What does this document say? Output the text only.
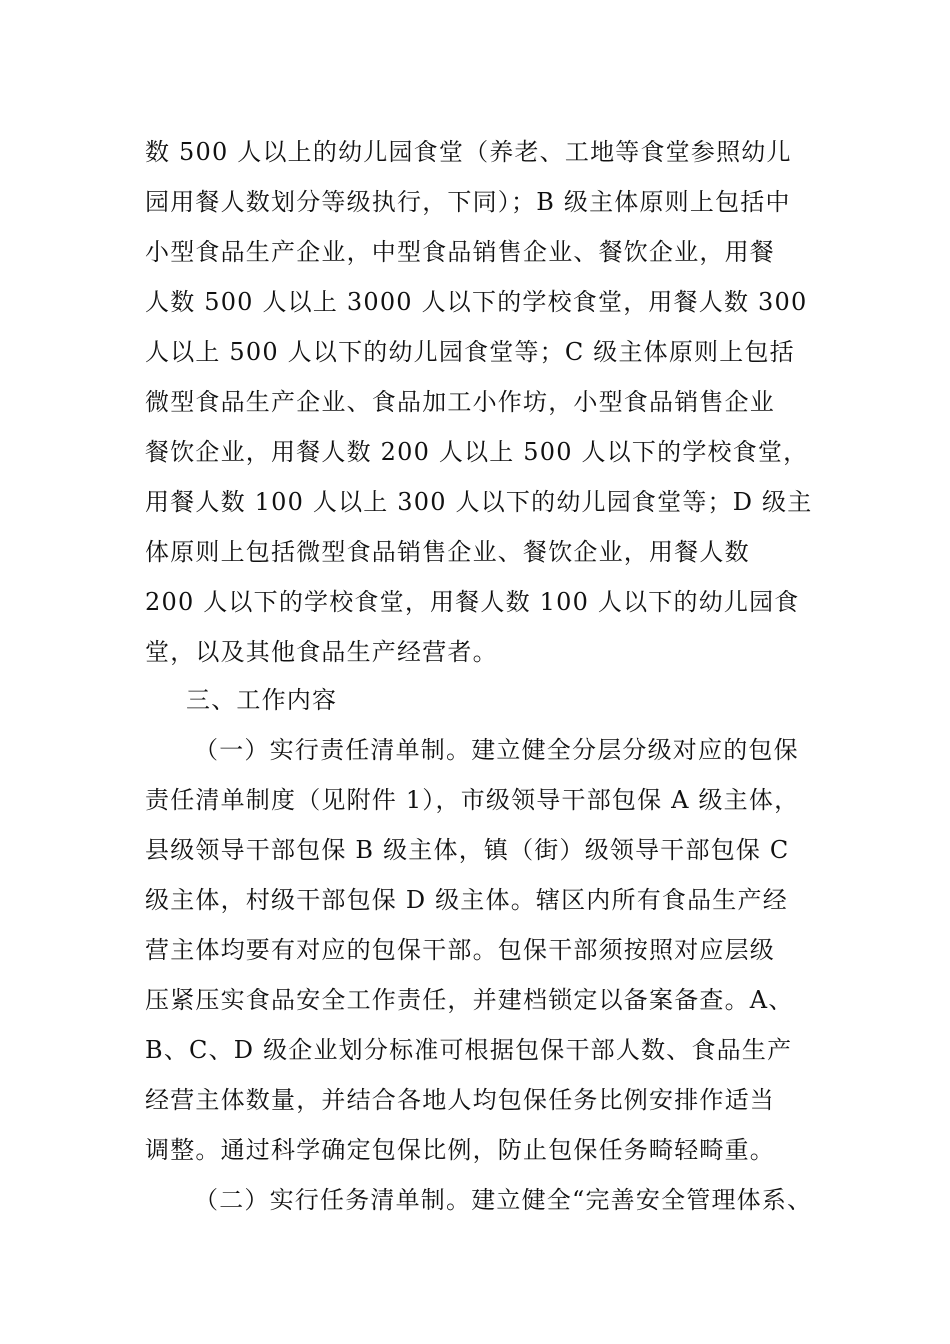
数 500 人以上的幼儿园食堂（养老、工地等食堂参照幼儿
园用餐人数划分等级执行，下同）；B 级主体原则上包括中
小型食品生产企业，中型食品销售企业、餐饮企业，用餐
人数 500 人以上 3000 人以下的学校食堂，用餐人数 300
人以上 500 人以下的幼儿园食堂等；C 级主体原则上包括
微型食品生产企业、食品加工小作坊，小型食品销售企业
餐饮企业，用餐人数 200 人以上 500 人以下的学校食堂，
用餐人数 100 人以上 300 人以下的幼儿园食堂等；D 级主
体原则上包括微型食品销售企业、餐饮企业，用餐人数
200 人以下的学校食堂，用餐人数 100 人以下的幼儿园食
堂，以及其他食品生产经营者。
三、工作内容
（一）实行责任清单制。建立健全分层分级对应的包保
责任清单制度（见附件 1），市级领导干部包保 A 级主体，
县级领导干部包保 B 级主体，镇（街）级领导干部包保 C
级主体，村级干部包保 D 级主体。辖区内所有食品生产经
营主体均要有对应的包保干部。包保干部须按照对应层级
压紧压实食品安全工作责任，并建档锁定以备案备查。A、
B、C、D 级企业划分标准可根据包保干部人数、食品生产
经营主体数量，并结合各地人均包保任务比例安排作适当
调整。通过科学确定包保比例，防止包保任务畸轻畸重。
（二）实行任务清单制。建立健全“完善安全管理体系、
